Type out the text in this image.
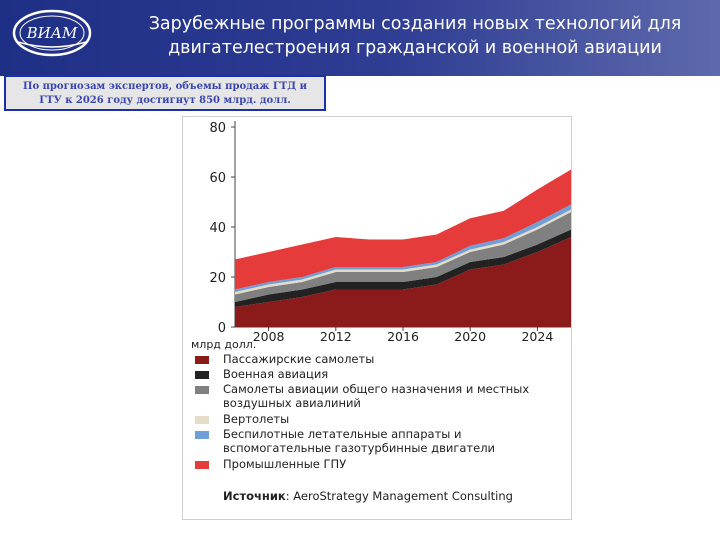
ВИАМ	Зарубежные программы создания новых технологий для
двигателестроения гражданской и военной авиации
По прогнозам экспертов, объемы продаж ГТД и
ГТУ к 2026 году достигнут 850 млрд. долл.
0
20
40
60
80
млрд долл.
Пассажирские самолеты
Военная авиация
Самолеты авиации общего назначения и местных воздушных авиалиний
Вертолеты
Беспилотные летательные аппараты и вспомогательные газотурбинные двигатели
Промышленные ГПУ
Источник: AeroStrategy Management Consulting
2008	2012	2016	2020	2024
